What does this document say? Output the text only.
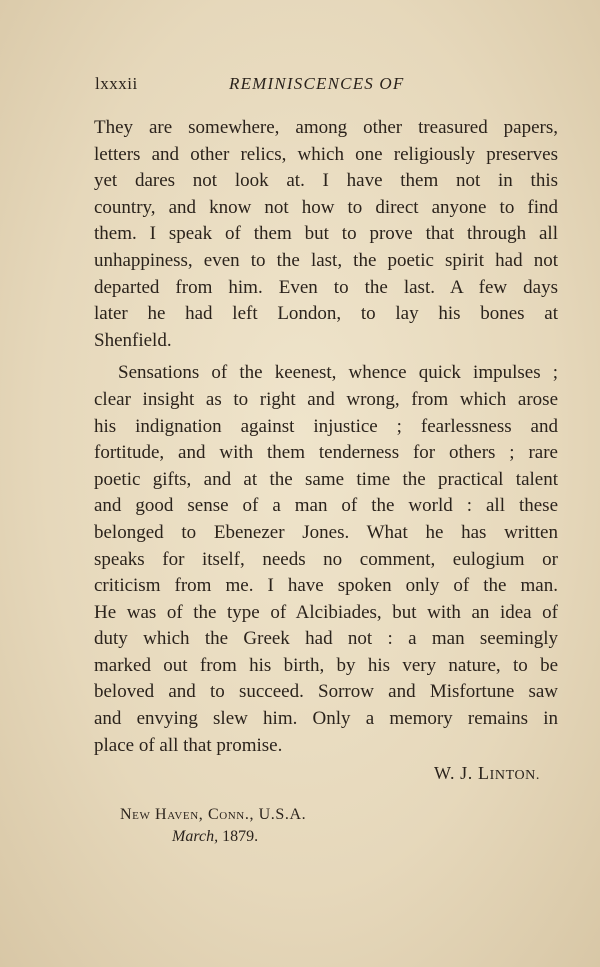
lxxxii	REMINISCENCES OF
They are somewhere, among other treasured papers,
letters and other relics, which one religiously preserves
yet dares not look at. I have them not in this
country, and know not how to direct anyone to find
them. I speak of them but to prove that through all
unhappiness, even to the last, the poetic spirit had not
departed from him. Even to the last. A few days
later he had left London, to lay his bones at
Shenfield.
Sensations of the keenest, whence quick impulses ;
clear insight as to right and wrong, from which arose
his indignation against injustice ; fearlessness and
fortitude, and with them tenderness for others ; rare
poetic gifts, and at the same time the practical talent
and good sense of a man of the world : all these
belonged to Ebenezer Jones. What he has written
speaks for itself, needs no comment, eulogium or
criticism from me. I have spoken only of the man.
He was of the type of Alcibiades, but with an idea of
duty which the Greek had not : a man seemingly
marked out from his birth, by his very nature, to be
beloved and to succeed. Sorrow and Misfortune saw
and envying slew him. Only a memory remains in
place of all that promise.
W. J. LINTON.
New Haven, Conn., U.S.A.
March, 1879.
